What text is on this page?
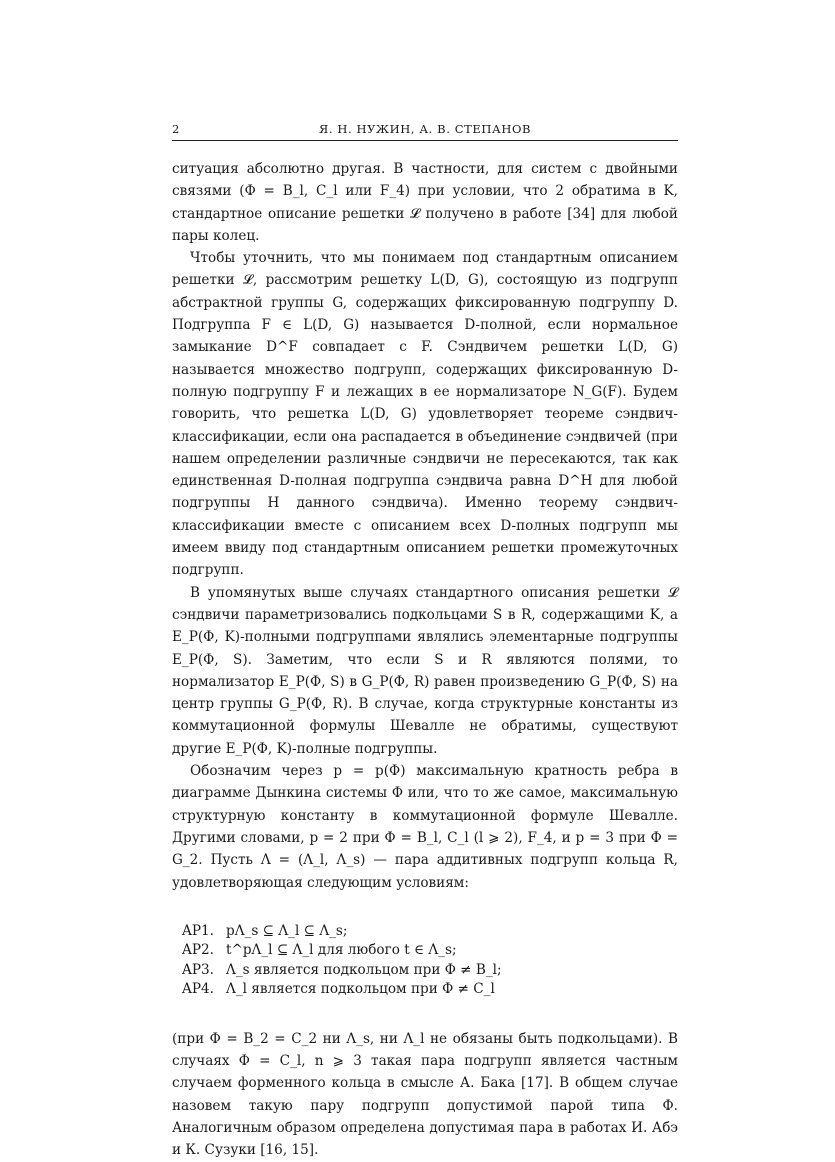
2	Я. Н. НУЖИН, А. В. СТЕПАНОВ

ситуация абсолютно другая. В частности, для систем с двойными связями (Φ = B_l, C_l или F_4) при условии, что 2 обратима в K, стандартное описание решетки 𝓛 получено в работе [34] для любой пары колец.

Чтобы уточнить, что мы понимаем под стандартным описанием решетки 𝓛, рассмотрим решетку L(D, G), состоящую из подгрупп абстрактной группы G, содержащих фиксированную подгруппу D. Подгруппа F ∈ L(D, G) называется D-полной, если нормальное замыкание D^F совпадает с F. Сэндвичем решетки L(D, G) называется множество подгрупп, содержащих фиксированную D-полную подгруппу F и лежащих в ее нормализаторе N_G(F). Будем говорить, что решетка L(D, G) удовлетворяет теореме сэндвич-классификации, если она распадается в объединение сэндвичей (при нашем определении различные сэндвичи не пересекаются, так как единственная D-полная подгруппа сэндвича равна D^H для любой подгруппы H данного сэндвича). Именно теорему сэндвич-классификации вместе с описанием всех D-полных подгрупп мы имеем ввиду под стандартным описанием решетки промежуточных подгрупп.

В упомянутых выше случаях стандартного описания решетки 𝓛 сэндвичи параметризовались подкольцами S в R, содержащими K, а E_P(Φ, K)-полными подгруппами являлись элементарные подгруппы E_P(Φ, S). Заметим, что если S и R являются полями, то нормализатор E_P(Φ, S) в G_P(Φ, R) равен произведению G_P(Φ, S) на центр группы G_P(Φ, R). В случае, когда структурные константы из коммутационной формулы Шевалле не обратимы, существуют другие E_P(Φ, K)-полные подгруппы.

Обозначим через p = p(Φ) максимальную кратность ребра в диаграмме Дынкина системы Φ или, что то же самое, максимальную структурную константу в коммутационной формуле Шевалле. Другими словами, p = 2 при Φ = B_l, C_l (l ⩾ 2), F_4, и p = 3 при Φ = G_2. Пусть Λ = (Λ_l, Λ_s) — пара аддитивных подгрупп кольца R, удовлетворяющая следующим условиям:

AP1. pΛ_s ⊆ Λ_l ⊆ Λ_s;
AP2. t^pΛ_l ⊆ Λ_l для любого t ∈ Λ_s;
AP3. Λ_s является подкольцом при Φ ≠ B_l;
AP4. Λ_l является подкольцом при Φ ≠ C_l

(при Φ = B_2 = C_2 ни Λ_s, ни Λ_l не обязаны быть подкольцами). В случаях Φ = C_l, n ⩾ 3 такая пара подгрупп является частным случаем форменного кольца в смысле А. Бака [17]. В общем случае назовем такую пару подгрупп допустимой парой типа Φ. Аналогичным образом определена допустимая пара в работах И. Абэ и К. Сузуки [16, 15].
